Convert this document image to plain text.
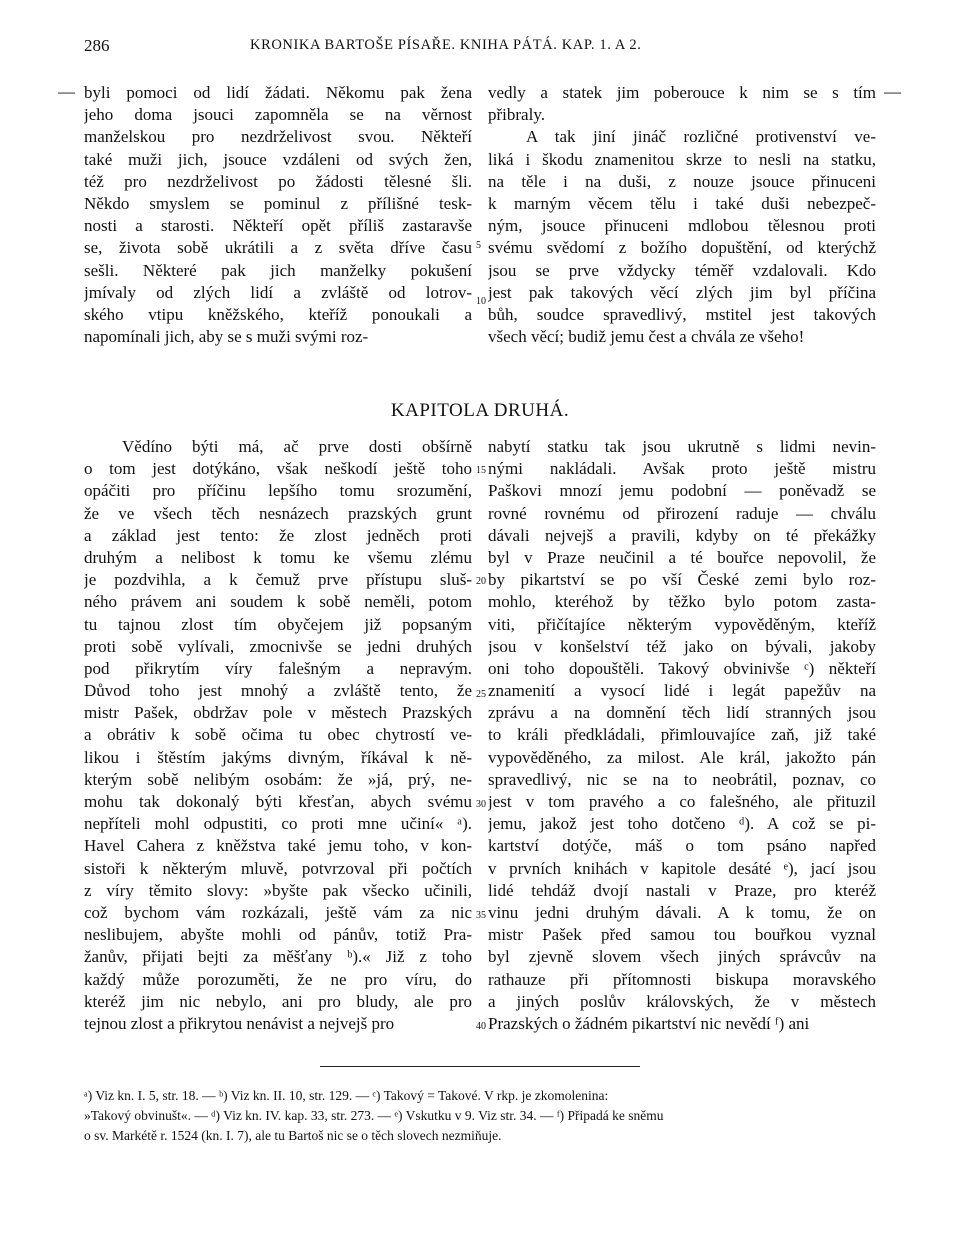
286	KRONIKA BARTOŠE PÍSAŘE. KNIHA PÁTÁ. KAP. 1. A 2.
—	—
byli pomoci od lidí žádati. Někomu pak žena
jeho doma jsouci zapomněla se na věrnost
manželskou pro nezdrželivost svou. Někteří
také muži jich, jsouce vzdáleni od svých žen,
též pro nezdrželivost po žádosti tělesné šli.
Někdo smyslem se pominul z přílišné tesk-
nosti a starosti. Někteří opět příliš zastaravše
se, života sobě ukrátili a z světa dříve času
sešli. Některé pak jich manželky pokušení
jmívaly od zlých lidí a zvláště od lotrov-
ského vtipu kněžského, kteříž ponoukali a
napomínali jich, aby se s muži svými roz-
vedly a statek jim poberouce k nim se s tím
přibraly.
A tak jiní jináč rozličné protivenství ve-
liká i škodu znamenitou skrze to nesli na statku,
na těle i na duši, z nouze jsouce přinuceni
k marným věcem tělu i také duši nebezpeč-
ným, jsouce přinuceni mdlobou tělesnou proti
svému svědomí z božího dopuštění, od kterýchž
jsou se prve vždycky téměř vzdalovali. Kdo
jest pak takových věcí zlých jim byl příčina
bůh, soudce spravedlivý, mstitel jest takových
všech věcí; budiž jemu čest a chvála ze všeho!
KAPITOLA DRUHÁ.
Vědíno býti má, ač prve dosti obšírně
o tom jest dotýkáno, však neškodí ještě toho
opáčiti pro příčinu lepšího tomu srozumění,
že ve všech těch nesnázech prazských grunt
a základ jest tento: že zlost jedněch proti
druhým a nelibost k tomu ke všemu zlému
je pozdvihla, a k čemuž prve přístupu sluš-
ného právem ani soudem k sobě neměli, potom
tu tajnou zlost tím obyčejem již popsaným
proti sobě vylívali, zmocnivše se jedni druhých
pod přikrytím víry falešným a nepravým.
Důvod toho jest mnohý a zvláště tento, že
mistr Pašek, obdržav pole v městech Prazských
a obrátiv k sobě očima tu obec chytrostí ve-
likou i štěstím jakýms divným, říkával k ně-
kterým sobě nelibým osobám: že »já, prý, ne-
mohu tak dokonalý býti křesťan, abych svému
nepříteli mohl odpustiti, co proti mne učiní« ᵃ).
Havel Cahera z kněžstva také jemu toho, v kon-
sistoři k některým mluvě, potvrzoval při počtích
z víry těmito slovy: »byšte pak všecko učinili,
což bychom vám rozkázali, ještě vám za nic
neslibujem, abyšte mohli od pánův, totiž Pra-
žanův, přijati bejti za měšťany ᵇ).« Již z toho
každý může porozuměti, že ne pro víru, do
kteréž jim nic nebylo, ani pro bludy, ale pro
tejnou zlost a přikrytou nenávist a nejvejš pro
nabytí statku tak jsou ukrutně s lidmi nevin-
nými nakládali. Avšak proto ještě mistru
Paškovi mnozí jemu podobní — poněvadž se
rovné rovnému od přirození raduje — chválu
dávali nejvejš a pravili, kdyby on té překážky
byl v Praze neučinil a té bouřce nepovolil, že
by pikartství se po vší České zemi bylo roz-
mohlo, kteréhož by těžko bylo potom zasta-
viti, přičítajíce některým vypověděným, kteříž
jsou v konšelství též jako on bývali, jakoby
oni toho dopouštěli. Takový obvinivše ᶜ) někteří
znamenití a vysocí lidé i legát papežův na
zprávu a na domnění těch lidí stranných jsou
to králi předkládali, přimlouvajíce zaň, již také
vypověděného, za milost. Ale král, jakožto pán
spravedlivý, nic se na to neobrátil, poznav, co
jest v tom pravého a co falešného, ale přituzil
jemu, jakož jest toho dotčeno ᵈ). A což se pi-
kartství dotýče, máš o tom psáno napřed
v prvních knihách v kapitole desáté ᵉ), jací jsou
lidé tehdáž dvojí nastali v Praze, pro kteréž
vinu jedni druhým dávali. A k tomu, že on
mistr Pašek před samou tou bouřkou vyznal
byl zjevně slovem všech jiných správcův na
rathauze při přítomnosti biskupa moravského
a jiných poslův královských, že v městech
Prazských o žádném pikartství nic nevědí ᶠ) ani
5
10
15
20
25
30
35
40
ᵃ) Viz kn. I. 5, str. 18. — ᵇ) Viz kn. II. 10, str. 129. — ᶜ) Takový = Takové. V rkp. je zkomolenina:
»Takový obvinušt«. — ᵈ) Viz kn. IV. kap. 33, str. 273. — ᵉ) Vskutku v 9. Viz str. 34. — ᶠ) Připadá ke sněmu
o sv. Markétě r. 1524 (kn. I. 7), ale tu Bartoš nic se o těch slovech nezmiňuje.
